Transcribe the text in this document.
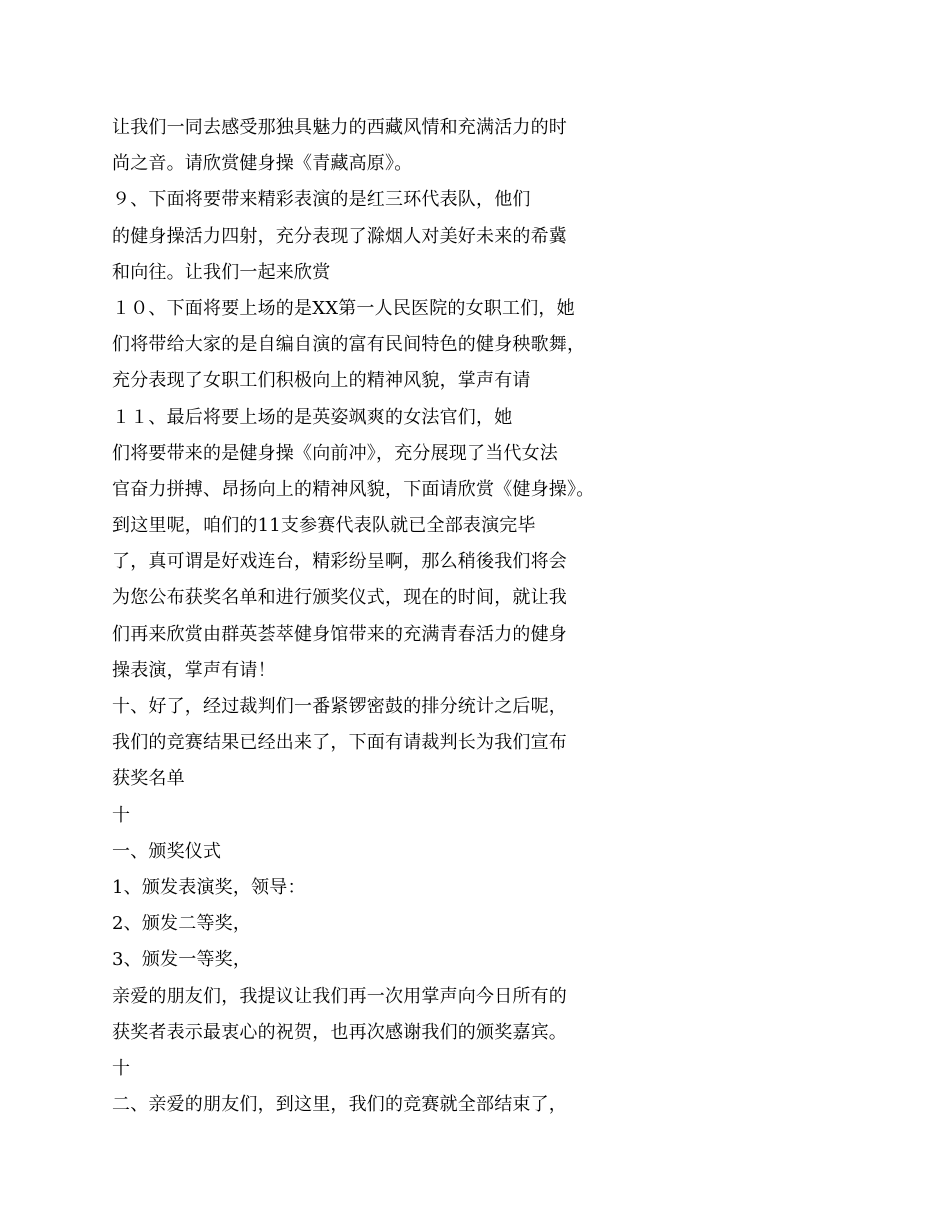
让我们一同去感受那独具魅力的西藏风情和充满活力的时
尚之音。请欣赏健身操《青藏高原》。
９、下面将要带来精彩表演的是红三环代表队，他们
的健身操活力四射，充分表现了滁烟人对美好未来的希冀
和向往。让我们一起来欣赏
１０、下面将要上场的是XX第一人民医院的女职工们，她
们将带给大家的是自编自演的富有民间特色的健身秧歌舞，
充分表现了女职工们积极向上的精神风貌，掌声有请
１１、最后将要上场的是英姿飒爽的女法官们，她
们将要带来的是健身操《向前冲》，充分展现了当代女法
官奋力拼搏、昂扬向上的精神风貌，下面请欣赏《健身操》。
到这里呢，咱们的11支参赛代表队就已全部表演完毕
了，真可谓是好戏连台，精彩纷呈啊，那么稍後我们将会
为您公布获奖名单和进行颁奖仪式，现在的时间，就让我
们再来欣赏由群英荟萃健身馆带来的充满青春活力的健身
操表演，掌声有请！
十、好了，经过裁判们一番紧锣密鼓的排分统计之后呢，
我们的竞赛结果已经出来了，下面有请裁判长为我们宣布
获奖名单
十
一、颁奖仪式
1、颁发表演奖，领导：
2、颁发二等奖，
3、颁发一等奖，
亲爱的朋友们，我提议让我们再一次用掌声向今日所有的
获奖者表示最衷心的祝贺，也再次感谢我们的颁奖嘉宾。
十
二、亲爱的朋友们，到这里，我们的竞赛就全部结束了，
